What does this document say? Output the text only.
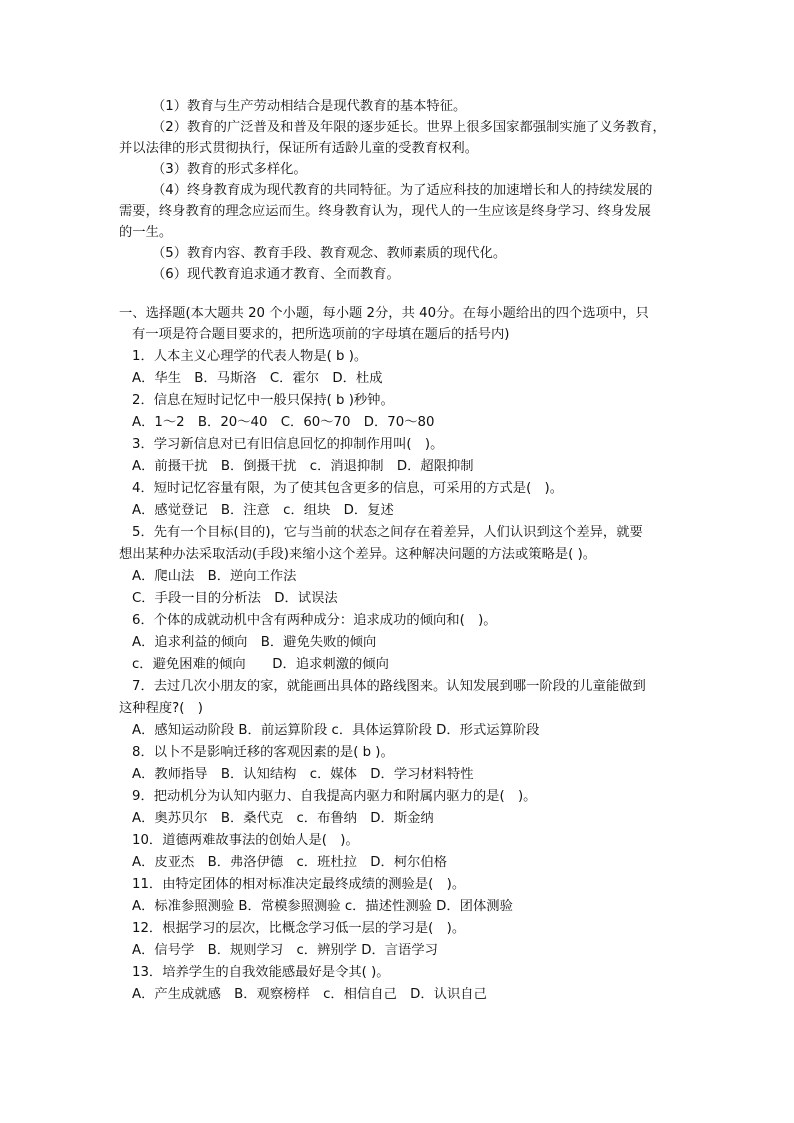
（1）教育与生产劳动相结合是现代教育的基本特征。
（2）教育的广泛普及和普及年限的逐步延长。世界上很多国家都强制实施了义务教育，
并以法律的形式贯彻执行，保证所有适龄儿童的受教育权利。
（3）教育的形式多样化。
（4）终身教育成为现代教育的共同特征。为了适应科技的加速增长和人的持续发展的
需要，终身教育的理念应运而生。终身教育认为，现代人的一生应该是终身学习、终身发展
的一生。
（5）教育内容、教育手段、教育观念、教师素质的现代化。
（6）现代教育追求通才教育、全而教育。
一、选择题(本大题共 20 个小题，每小题 2分，共 40分。在每小题给出的四个选项中，只
有一项是符合题目要求的，把所选项前的字母填在题后的括号内)
1．人本主义心理学的代表人物是( b )。
A．华生　B．马斯洛　C．霍尔　D．杜成
2．信息在短时记忆中一般只保持( b )秒钟。
A．1～2　B．20～40　C．60～70　D．70～80
3．学习新信息对已有旧信息回忆的抑制作用叫(　)。
A．前摄干扰　B．倒摄干扰　c．消退抑制　D．超限抑制
4．短时记忆容量有限，为了使其包含更多的信息，可采用的方式是(　)。
A．感觉登记　B．注意　c．组块　D．复述
5．先有一个目标(目的)，它与当前的状态之间存在着差异，人们认识到这个差异，就要
想出某种办法采取活动(手段)来缩小这个差异。这种解决问题的方法或策略是( )。
A．爬山法　B．逆向工作法
C．手段一目的分析法　D．试误法
6．个体的成就动机中含有两种成分：追求成功的倾向和(　)。
A．追求利益的倾向　B．避免失败的倾向
c．避免困难的倾向　　D．追求刺激的倾向
7．去过几次小朋友的家，就能画出具体的路线图来。认知发展到哪一阶段的儿童能做到
这种程度?(　)
A．感知运动阶段 B．前运算阶段 c．具体运算阶段 D．形式运算阶段
8．以卜不是影响迁移的客观因素的是( b )。
A．教师指导　B．认知结构　c．媒体　D．学习材料特性
9．把动机分为认知内驱力、自我提高内驱力和附属内驱力的是(　)。
A．奥苏贝尔　B．桑代克　c．布鲁纳　D．斯金纳
10．道德两难故事法的创始人是(　)。
A．皮亚杰　B．弗洛伊德　c．班杜拉　D．柯尔伯格
11．由特定团体的相对标准决定最终成绩的测验是(　)。
A．标准参照测验 B．常模参照测验 c．描述性测验 D．团体测验
12．根据学习的层次，比概念学习低一层的学习是(　)。
A．信号学　B．规则学习　c．辨别学 D．言语学习
13．培养学生的自我效能感最好是令其( )。
A．产生成就感　B．观察榜样　c．相信自己　D．认识自己
